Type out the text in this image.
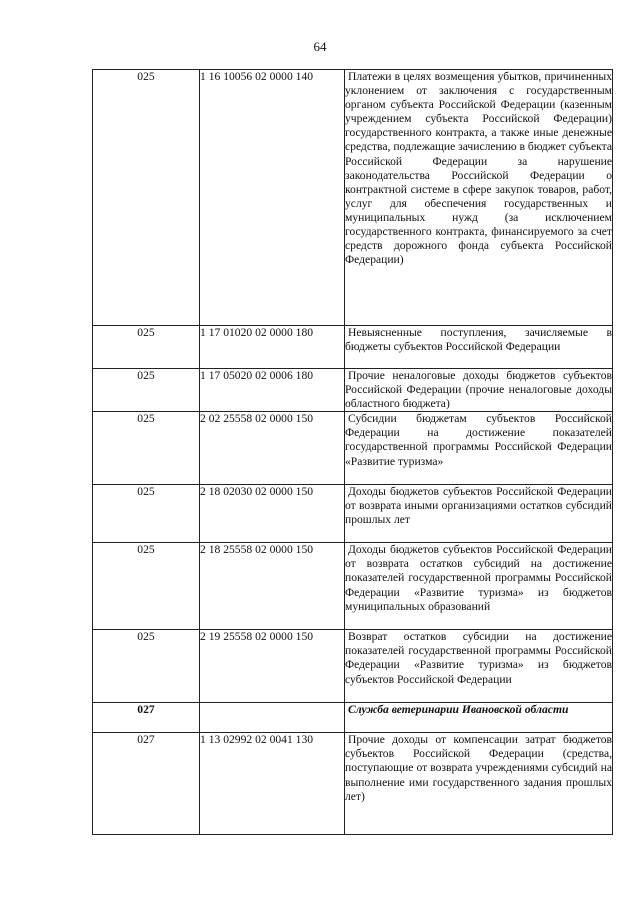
64
025	1 16 10056 02 0000 140	Платежи в целях возмещения убытков, причиненных уклонением от заключения с государственным органом субъекта Российской Федерации (казенным учреждением субъекта Российской Федерации) государственного контракта, а также иные денежные средства, подлежащие зачислению в бюджет субъекта Российской Федерации за нарушение законодательства Российской Федерации о контрактной системе в сфере закупок товаров, работ, услуг для обеспечения государственных и муниципальных нужд (за исключением государственного контракта, финансируемого за счет средств дорожного фонда субъекта Российской Федерации)
025	1 17 01020 02 0000 180	Невыясненные поступления, зачисляемые в бюджеты субъектов Российской Федерации
025	1 17 05020 02 0006 180	Прочие неналоговые доходы бюджетов субъектов Российской Федерации (прочие неналоговые доходы областного бюджета)
025	2 02 25558 02 0000 150	Субсидии бюджетам субъектов Российской Федерации на достижение показателей государственной программы Российской Федерации «Развитие туризма»
025	2 18 02030 02 0000 150	Доходы бюджетов субъектов Российской Федерации от возврата иными организациями остатков субсидий прошлых лет
025	2 18 25558 02 0000 150	Доходы бюджетов субъектов Российской Федерации от возврата остатков субсидий на достижение показателей государственной программы Российской Федерации «Развитие туризма» из бюджетов муниципальных образований
025	2 19 25558 02 0000 150	Возврат остатков субсидии на достижение показателей государственной программы Российской Федерации «Развитие туризма» из бюджетов субъектов Российской Федерации
027		Служба ветеринарии Ивановской области
027	1 13 02992 02 0041 130	Прочие доходы от компенсации затрат бюджетов субъектов Российской Федерации (средства, поступающие от возврата учреждениями субсидий на выполнение ими государственного задания прошлых лет)
